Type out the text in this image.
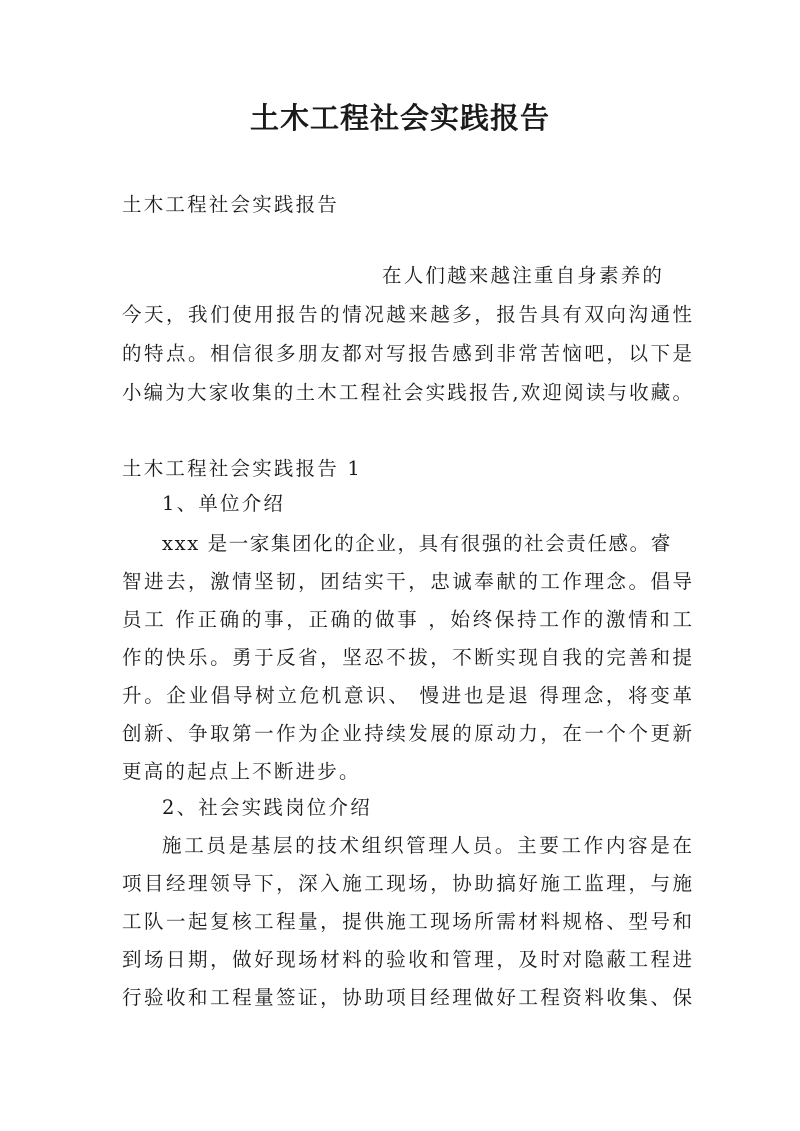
土木工程社会实践报告
土木工程社会实践报告
在人们越来越注重自身素养的
今天，我们使用报告的情况越来越多，报告具有双向沟通性
的特点。相信很多朋友都对写报告感到非常苦恼吧，以下是
小编为大家收集的土木工程社会实践报告,欢迎阅读与收藏。
土木工程社会实践报告 1
1、单位介绍
xxx 是一家集团化的企业，具有很强的社会责任感。睿
智进去，激情坚韧，团结实干，忠诚奉献的工作理念。倡导
员工 作正确的事，正确的做事 ，始终保持工作的激情和工
作的快乐。勇于反省，坚忍不拔，不断实现自我的完善和提
升。企业倡导树立危机意识、 慢进也是退 得理念，将变革
创新、争取第一作为企业持续发展的原动力，在一个个更新
更高的起点上不断进步。
2、社会实践岗位介绍
施工员是基层的技术组织管理人员。主要工作内容是在
项目经理领导下，深入施工现场，协助搞好施工监理，与施
工队一起复核工程量，提供施工现场所需材料规格、型号和
到场日期，做好现场材料的验收和管理，及时对隐蔽工程进
行验收和工程量签证，协助项目经理做好工程资料收集、保
